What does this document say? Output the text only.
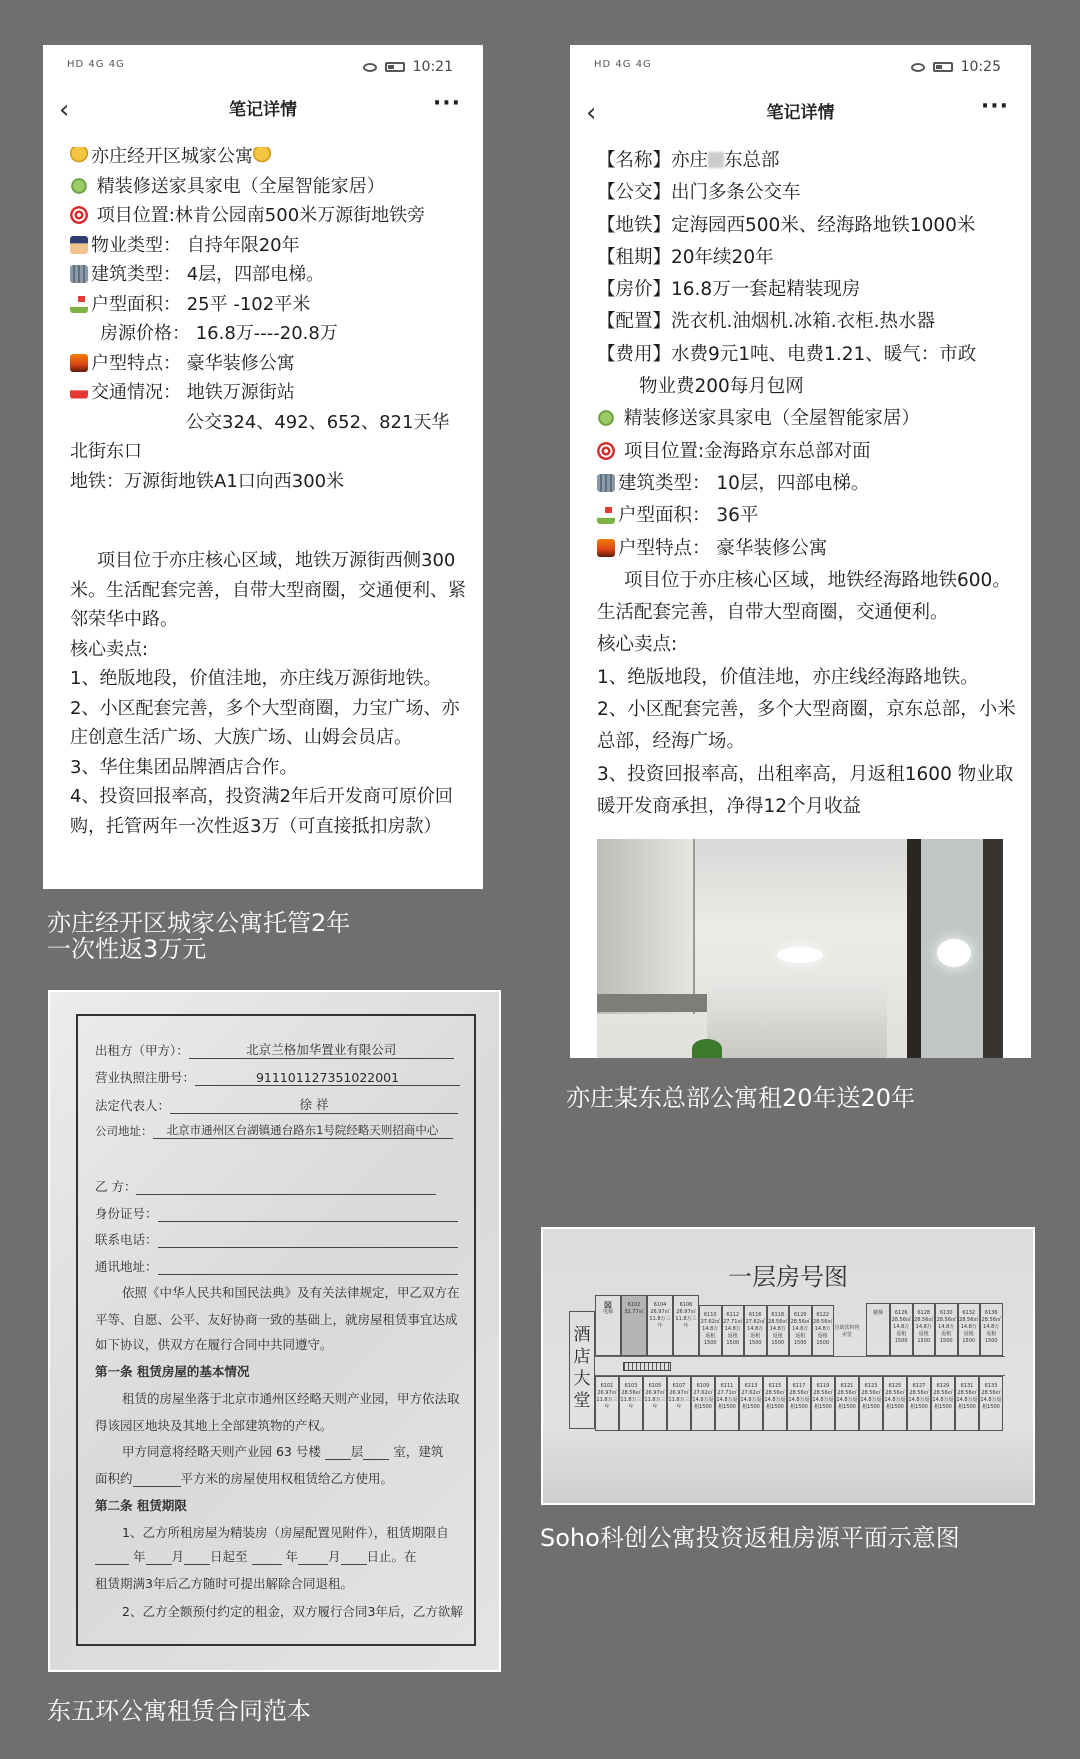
HD 4G 4G	10:21
‹	笔记详情	···
亦庄经开区城家公寓
精装修送家具家电（全屋智能家居）
项目位置:林肯公园南500米万源街地铁旁
物业类型： 自持年限20年
建筑类型： 4层，四部电梯。
户型面积： 25平 -102平米
房源价格： 16.8万----20.8万
户型特点： 豪华装修公寓
交通情况： 地铁万源街站
公交324、492、652、821天华
北街东口
地铁：万源街地铁A1口向西300米
项目位于亦庄核心区域，地铁万源街西侧300米。生活配套完善，自带大型商圈，交通便利、紧邻荣华中路。
核心卖点:
1、绝版地段，价值洼地，亦庄线万源街地铁。
2、小区配套完善，多个大型商圈，力宝广场、亦庄创意生活广场、大族广场、山姆会员店。
3、华住集团品牌酒店合作。
4、投资回报率高，投资满2年后开发商可原价回购，托管两年一次性返3万（可直接抵扣房款）
亦庄经开区城家公寓托管2年
一次性返3万元
HD 4G 4G	10:25
‹	笔记详情	···
【名称】亦庄 东总部
【公交】出门多条公交车
【地铁】定海园西500米、经海路地铁1000米
【租期】20年续20年
【房价】16.8万一套起精装现房
【配置】洗衣机.油烟机.冰箱.衣柜.热水器
【费用】水费9元1吨、电费1.21、暖气：市政
物业费200每月包网
精装修送家具家电（全屋智能家居）
项目位置:金海路京东总部对面
建筑类型： 10层，四部电梯。
户型面积： 36平
户型特点： 豪华装修公寓
项目位于亦庄核心区域，地铁经海路地铁600。生活配套完善，自带大型商圈，交通便利。
核心卖点:
1、绝版地段，价值洼地，亦庄线经海路地铁。
2、小区配套完善，多个大型商圈，京东总部，小米总部，经海广场。
3、投资回报率高，出租率高，月返租1600 物业取暖开发商承担，净得12个月收益
亦庄某东总部公寓租20年送20年
出租方（甲方）：	北京兰格加华置业有限公司
营业执照注册号：	911101127351022001
法定代表人：	徐 祥
公司地址： 北京市通州区台湖镇通台路东1号院经略天则招商中心
乙 方：
身份证号：
联系电话：
通讯地址：
依照《中华人民共和国民法典》及有关法律规定，甲乙双方在
平等、自愿、公平、友好协商一致的基础上，就房屋租赁事宜达成
如下协议，供双方在履行合同中共同遵守。
第一条 租赁房屋的基本情况
租赁的房屋坐落于北京市通州区经略天则产业园，甲方依法取
得该园区地块及其地上全部建筑物的产权。
甲方同意将经略天则产业园 63 号楼 层 室，建筑
面积约	平方米的房屋使用权租赁给乙方使用。
第二条 租赁期限
1、乙方所租房屋为精装房（房屋配置见附件），租赁期限自
年 月 日起至	年 月 日止。在
租赁期满3年后乙方随时可提出解除合同退租。
2、乙方全额预付约定的租金，双方履行合同3年后，乙方欲解
东五环公寓租赁合同范本
一层房号图
酒店大堂
⊠
电梯
6102
32.77㎡
6104
26.97㎡ 11.8万三年
6106
26.97㎡ 11.8万三年
6110
27.62㎡ 14.8万返租1500
6112
27.71㎡ 14.8万返租1500
6116
27.62㎡ 14.8万返租1500
6118
28.56㎡ 14.8万返租1500
6120
28.56㎡ 14.8万返租1500
6122
28.56㎡ 14.8万返租1500
楼梯	6126
28.56㎡ 14.8万返租1500
6128
28.56㎡ 14.8万返租1500
6130
28.56㎡ 14.8万返租1500
6132
28.56㎡ 14.8万返租1500
6136
28.56㎡ 14.8万返租1500
自助饮料售卖堂
6101
26.97㎡ 11.8万三年
6103
28.56㎡ 11.8万三年
6105
26.97㎡ 11.8万三年
6107
26.97㎡ 11.8万三年
6109
27.62㎡ 14.8万返租1500
6111
27.71㎡ 14.8万返租1500
6113
27.62㎡ 14.8万返租1500
6115
28.56㎡ 14.8万返租1500
6117
28.56㎡ 14.8万返租1500
6119
28.56㎡ 14.8万返租1500
6121
28.56㎡ 14.8万返租1500
6123
28.56㎡ 14.8万返租1500
6125
28.56㎡ 14.8万返租1500
6127
28.56㎡ 14.8万返租1500
6129
28.56㎡ 14.8万返租1500
6131
28.56㎡ 14.8万返租1500
6133
28.56㎡ 14.8万返租1500
Soho科创公寓投资返租房源平面示意图
